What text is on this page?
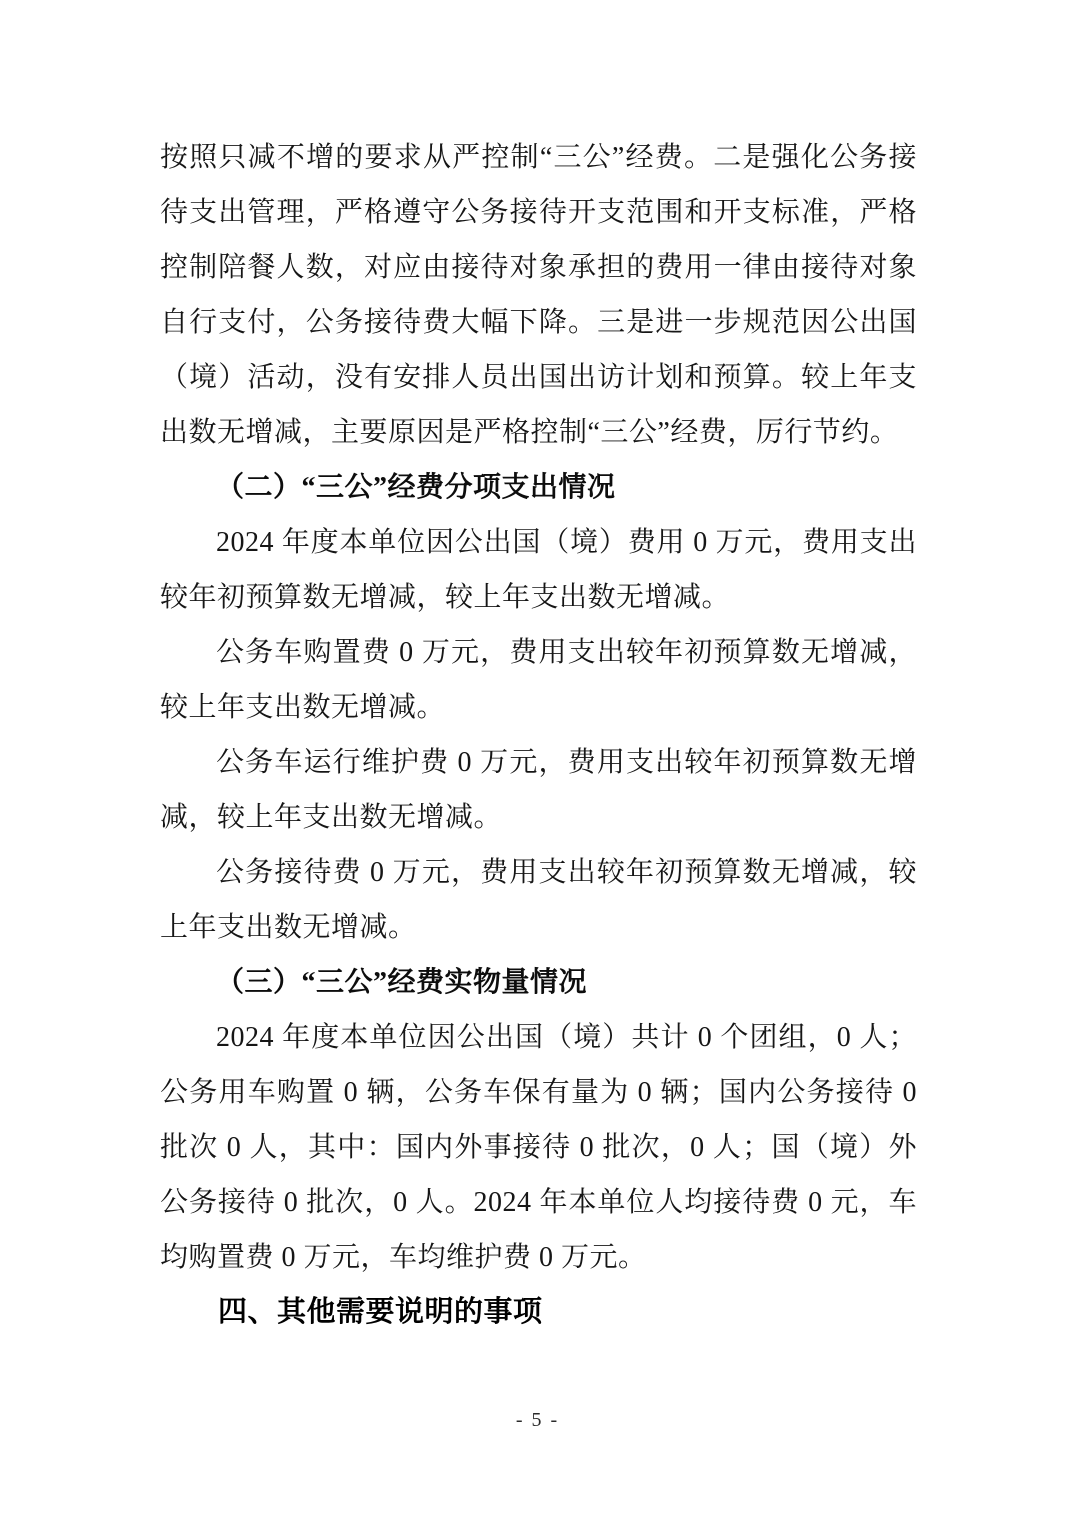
按照只减不增的要求从严控制“三公”经费。二是强化公务接待支出管理，严格遵守公务接待开支范围和开支标准，严格控制陪餐人数，对应由接待对象承担的费用一律由接待对象自行支付，公务接待费大幅下降。三是进一步规范因公出国（境）活动，没有安排人员出国出访计划和预算。较上年支出数无增减，主要原因是严格控制“三公”经费，厉行节约。

（二）“三公”经费分项支出情况

2024 年度本单位因公出国（境）费用 0 万元，费用支出较年初预算数无增减，较上年支出数无增减。

公务车购置费 0 万元，费用支出较年初预算数无增减，较上年支出数无增减。

公务车运行维护费 0 万元，费用支出较年初预算数无增减，较上年支出数无增减。

公务接待费 0 万元，费用支出较年初预算数无增减，较上年支出数无增减。

（三）“三公”经费实物量情况

2024 年度本单位因公出国（境）共计 0 个团组，0 人；公务用车购置 0 辆，公务车保有量为 0 辆；国内公务接待 0 批次 0 人，其中：国内外事接待 0 批次，0 人；国（境）外公务接待 0 批次，0 人。2024 年本单位人均接待费 0 元，车均购置费 0 万元，车均维护费 0 万元。

四、其他需要说明的事项

- 5 -
